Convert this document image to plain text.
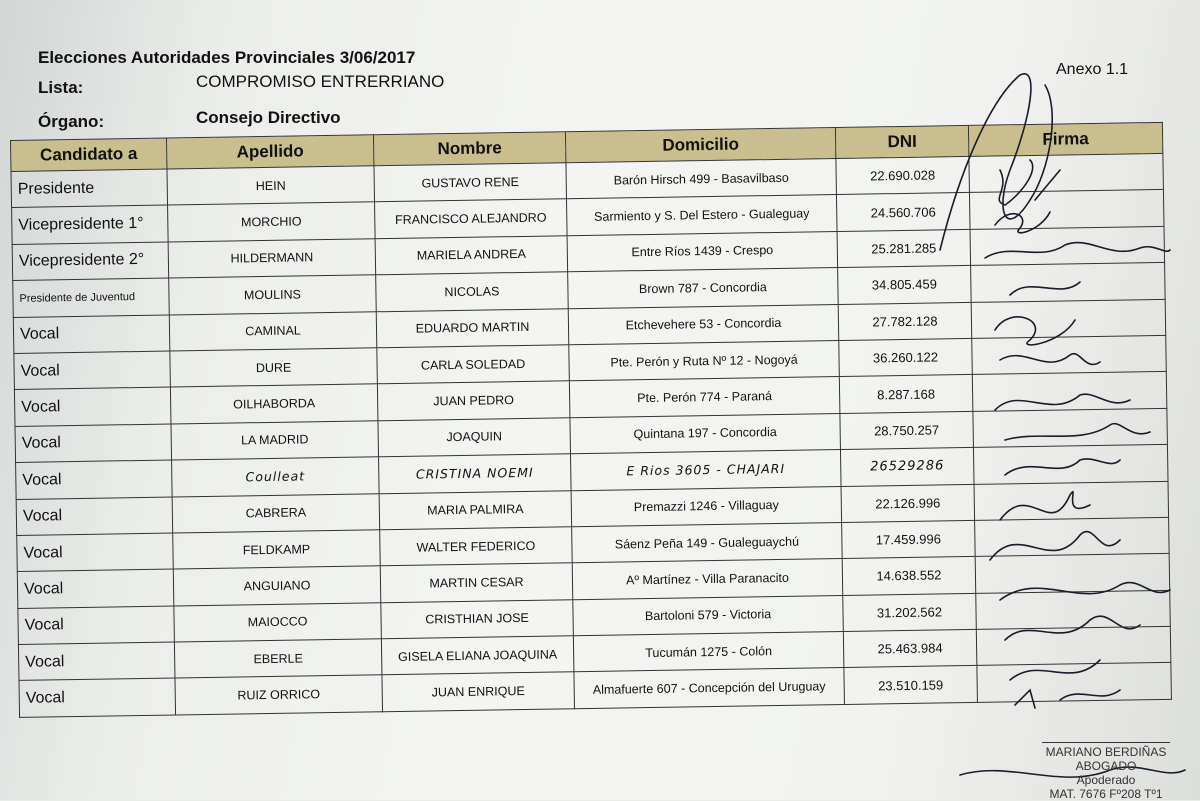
Elecciones Autoridades Provinciales 3/06/2017
Lista:	COMPROMISO ENTRERRIANO
Órgano:	Consejo Directivo
Anexo 1.1
Candidato a	Apellido	Nombre	Domicilio	DNI	Firma
Presidente	HEIN	GUSTAVO RENE	Barón Hirsch 499 - Basavilbaso	22.690.028	
Vicepresidente 1°	MORCHIO	FRANCISCO ALEJANDRO	Sarmiento y S. Del Estero - Gualeguay	24.560.706	
Vicepresidente 2°	HILDERMANN	MARIELA ANDREA	Entre Ríos 1439 - Crespo	25.281.285	
Presidente de Juventud	MOULINS	NICOLAS	Brown 787 - Concordia	34.805.459	
Vocal	CAMINAL	EDUARDO MARTIN	Etchevehere 53 - Concordia	27.782.128	
Vocal	DURE	CARLA SOLEDAD	Pte. Perón y Ruta Nº 12 - Nogoyá	36.260.122	
Vocal	OILHABORDA	JUAN PEDRO	Pte. Perón 774 - Paraná	8.287.168	
Vocal	LA MADRID	JOAQUIN	Quintana 197 - Concordia	28.750.257	
Vocal	Coulleat	CRISTINA NOEMI	E Rios 3605 - CHAJARI	26529286	
Vocal	CABRERA	MARIA PALMIRA	Premazzi 1246 - Villaguay	22.126.996	
Vocal	FELDKAMP	WALTER FEDERICO	Sáenz Peña 149 - Gualeguaychú	17.459.996	
Vocal	ANGUIANO	MARTIN CESAR	Aº Martínez - Villa Paranacito	14.638.552	
Vocal	MAIOCCO	CRISTHIAN JOSE	Bartoloni 579 - Victoria	31.202.562	
Vocal	EBERLE	GISELA ELIANA JOAQUINA	Tucumán 1275 - Colón	25.463.984	
Vocal	RUIZ ORRICO	JUAN ENRIQUE	Almafuerte 607 - Concepción del Uruguay	23.510.159	
MARIANO BERDIÑAS
ABOGADO
Apoderado
MAT. 7676 Fº208 Tº1
